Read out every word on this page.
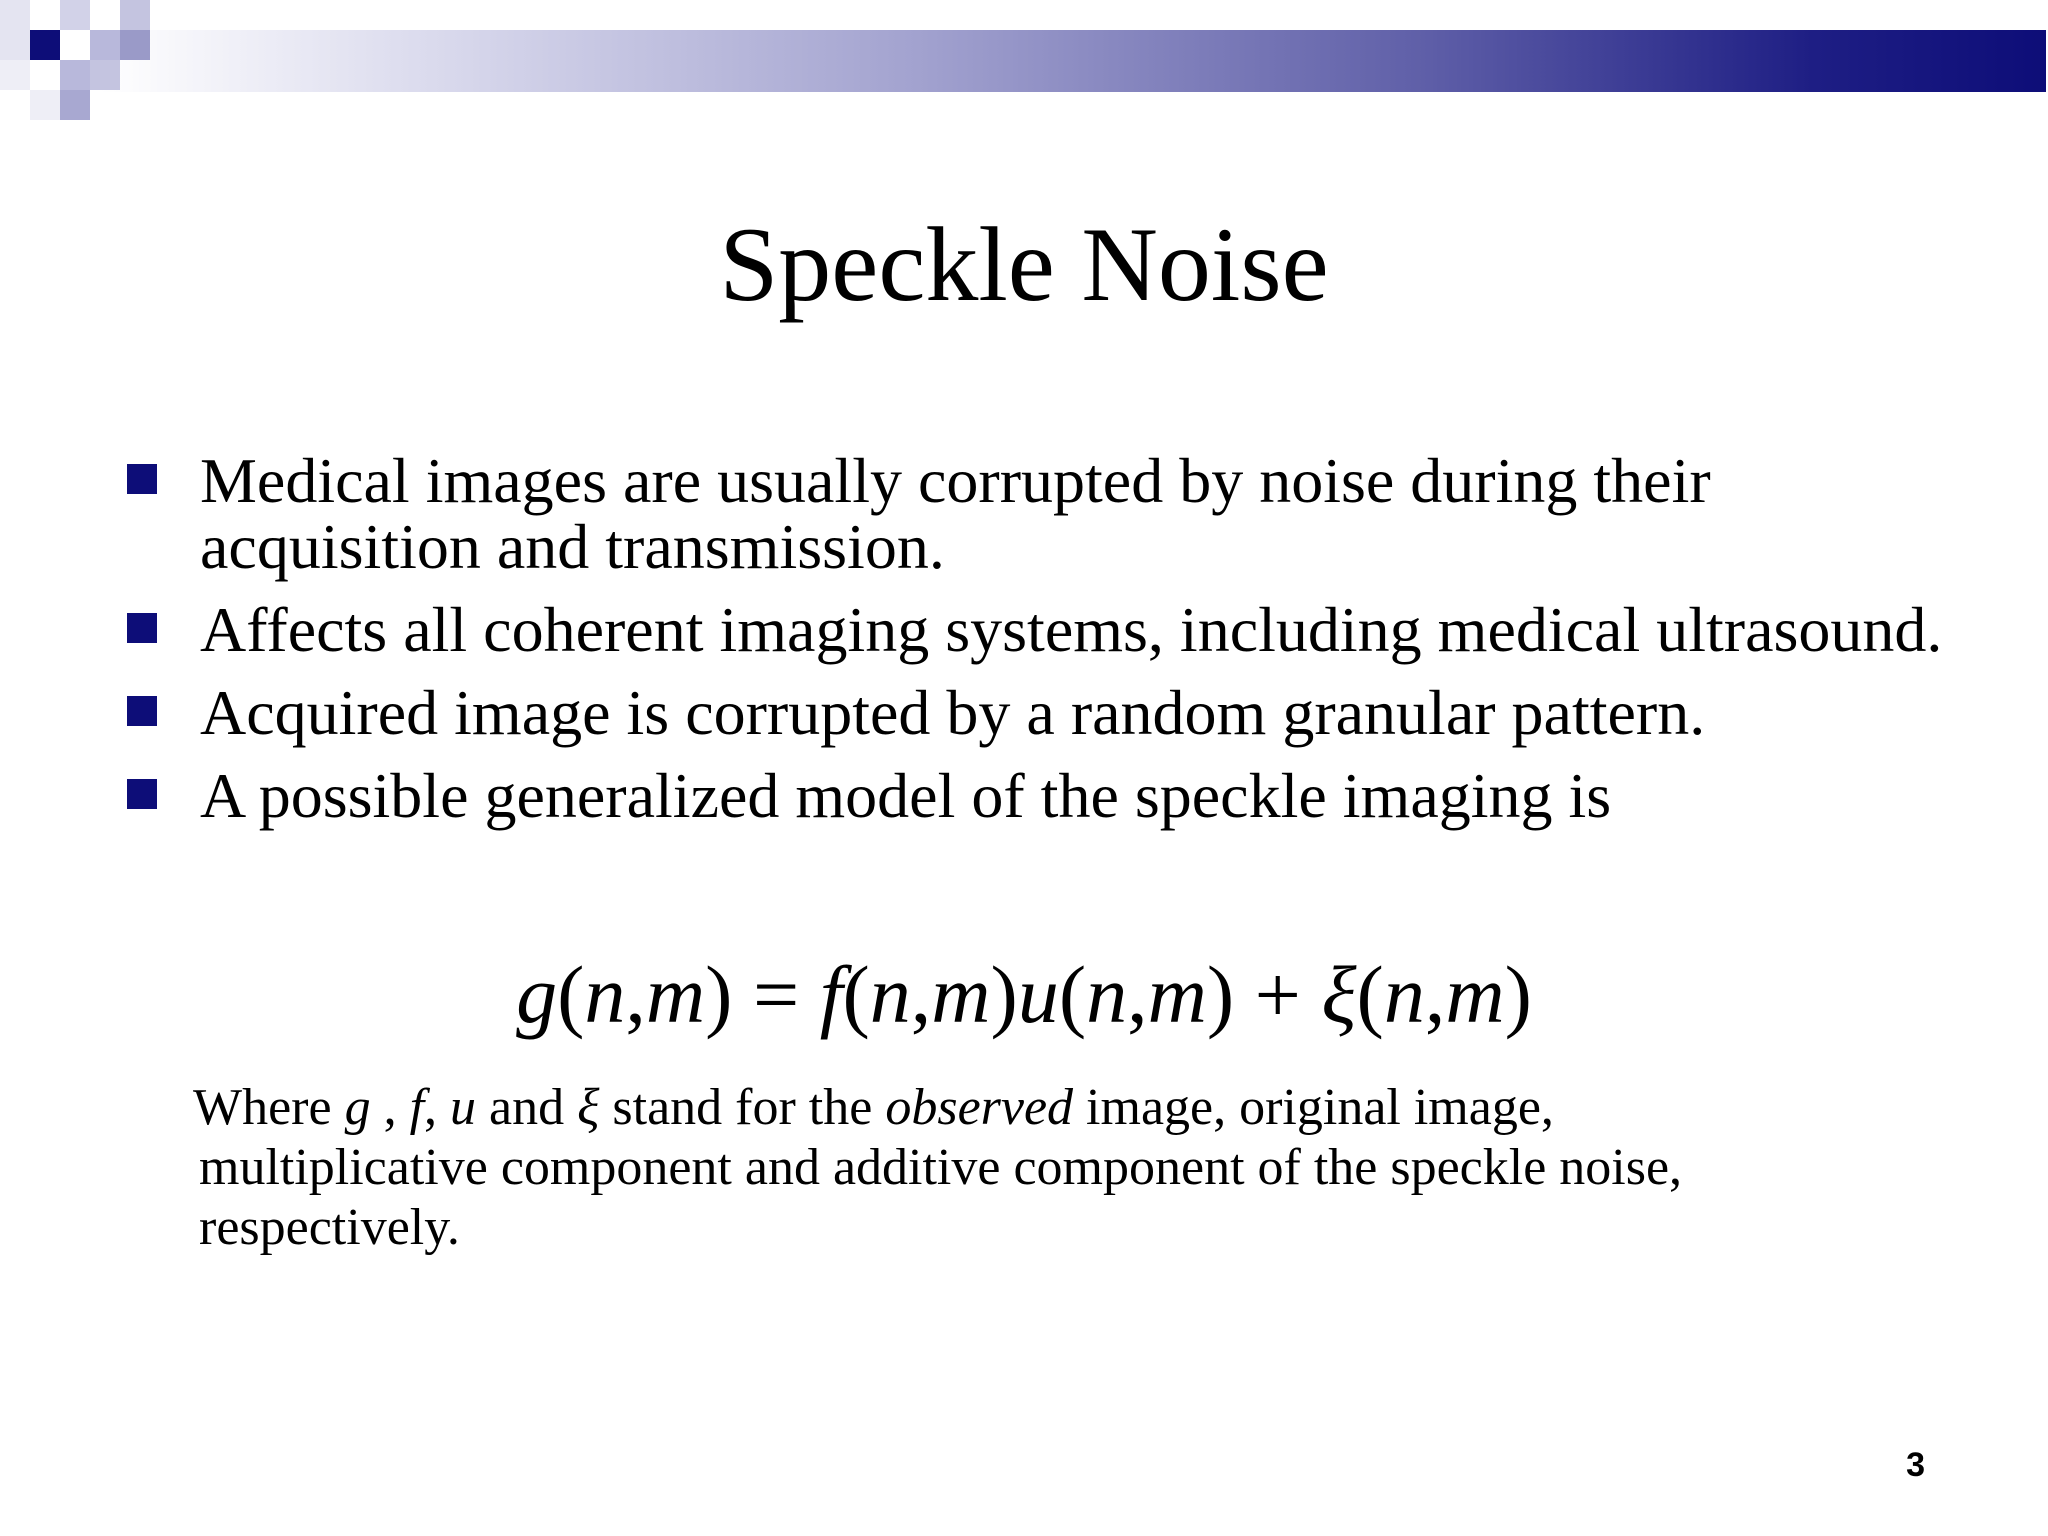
Speckle Noise
Medical images are usually corrupted by noise during their acquisition and transmission.
Affects all coherent imaging systems, including medical ultrasound.
Acquired image is corrupted by a random granular pattern.
A possible generalized model of the speckle imaging is
g(n,m) = f(n,m)u(n,m) + ξ(n,m)
Where g , f, u and ξ stand for the observed image, original image,
multiplicative component and additive component of the speckle noise,
respectively.
3
